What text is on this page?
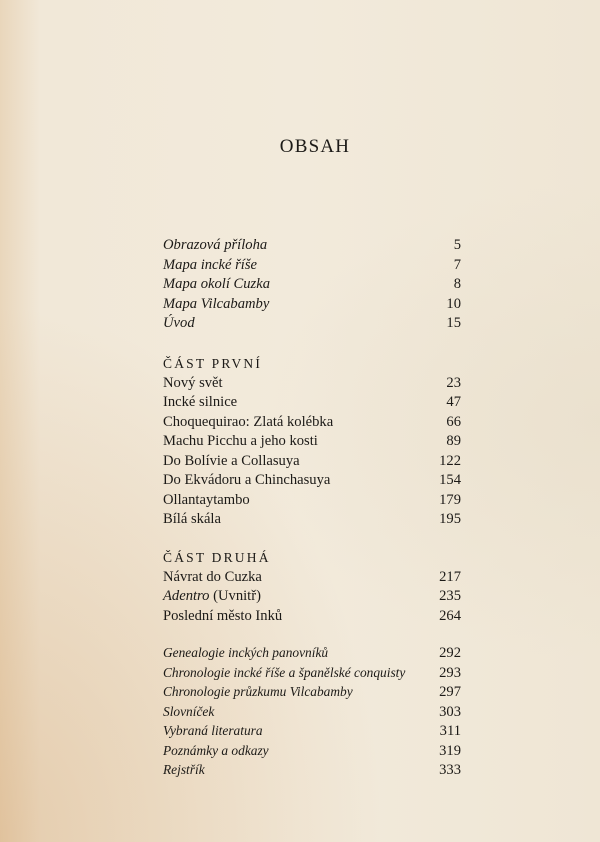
OBSAH
Obrazová příloha	5
Mapa incké říše	7
Mapa okolí Cuzka	8
Mapa Vilcabamby	10
Úvod	15
ČÁST PRVNÍ
Nový svět	23
Incké silnice	47
Choquequirao: Zlatá kolébka	66
Machu Picchu a jeho kosti	89
Do Bolívie a Collasuya	122
Do Ekvádoru a Chinchasuya	154
Ollantaytambo	179
Bílá skála	195
ČÁST DRUHÁ
Návrat do Cuzka	217
Adentro (Uvnitř)	235
Poslední město Inků	264
Genealogie inckých panovníků	292
Chronologie incké říše a španělské conquisty 293
Chronologie průzkumu Vilcabamby	297
Slovníček	303
Vybraná literatura	311
Poznámky a odkazy	319
Rejstřík	333
